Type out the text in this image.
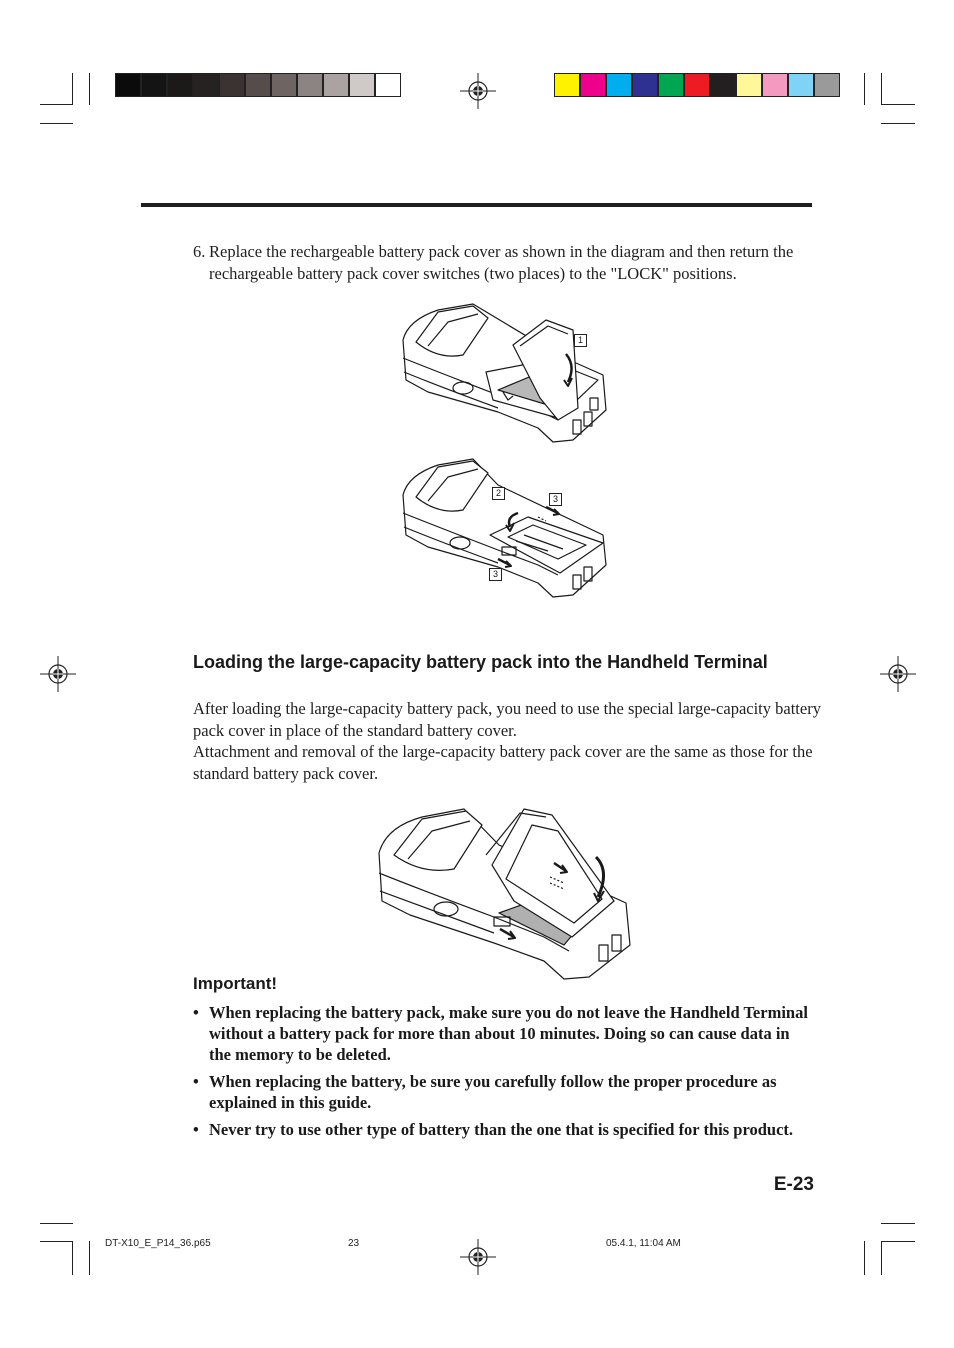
6. Replace the rechargeable battery pack cover as shown in the diagram and then return the rechargeable battery pack cover switches (two places) to the "LOCK" positions.
1
2
3
3
Loading the large-capacity battery pack into the Handheld Terminal
After loading the large-capacity battery pack, you need to use the special large-capacity battery pack cover in place of the standard battery cover.
Attachment and removal of the large-capacity battery pack cover are the same as those for the standard battery pack cover.
Important!
• When replacing the battery pack, make sure you do not leave the Handheld Terminal without a battery pack for more than about 10 minutes. Doing so can cause data in the memory to be deleted.
• When replacing the battery, be sure you carefully follow the proper procedure as explained in this guide.
• Never try to use other type of battery than the one that is specified for this product.
E-23
DT-X10_E_P14_36.p65	23	05.4.1, 11:04 AM
